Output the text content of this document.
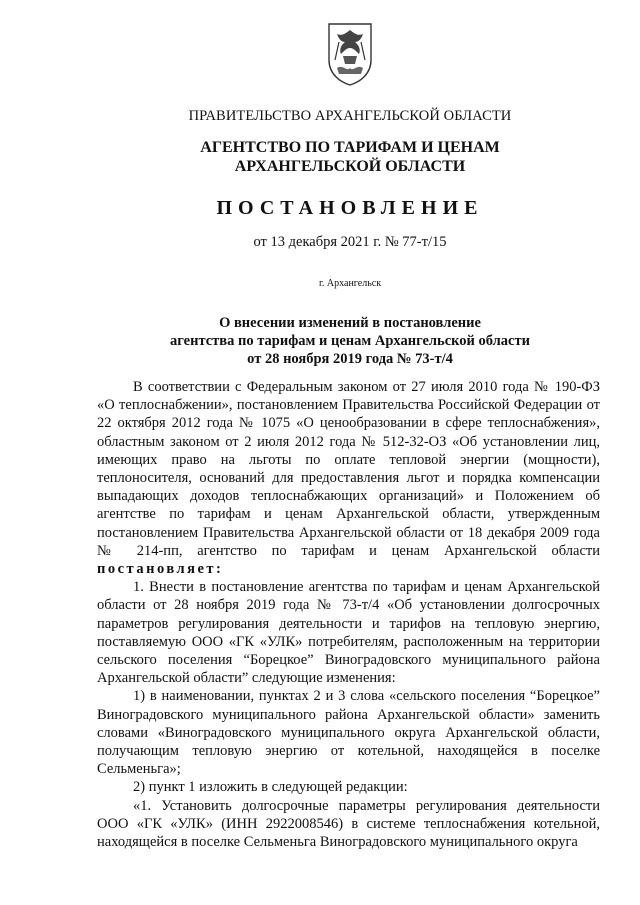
ПРАВИТЕЛЬСТВО АРХАНГЕЛЬСКОЙ ОБЛАСТИ
АГЕНТСТВО ПО ТАРИФАМ И ЦЕНАМ
АРХАНГЕЛЬСКОЙ ОБЛАСТИ
ПОСТАНОВЛЕНИЕ
от 13 декабря 2021 г. № 77-т/15
г. Архангельск
О внесении изменений в постановление
агентства по тарифам и ценам Архангельской области
от 28 ноября 2019 года № 73-т/4

В соответствии с Федеральным законом от 27 июля 2010 года № 190-ФЗ «О теплоснабжении», постановлением Правительства Российской Федерации от 22 октября 2012 года № 1075 «О ценообразовании в сфере теплоснабжения», областным законом от 2 июля 2012 года № 512-32-ОЗ «Об установлении лиц, имеющих право на льготы по оплате тепловой энергии (мощности), теплоносителя, оснований для предоставления льгот и порядка компенсации выпадающих доходов теплоснабжающих организаций» и Положением об агентстве по тарифам и ценам Архангельской области, утвержденным постановлением Правительства Архангельской области от 18 декабря 2009 года № 214-пп, агентство по тарифам и ценам Архангельской области постановляет:

1. Внести в постановление агентства по тарифам и ценам Архангельской области от 28 ноября 2019 года № 73-т/4 «Об установлении долгосрочных параметров регулирования деятельности и тарифов на тепловую энергию, поставляемую ООО «ГК «УЛК» потребителям, расположенным на территории сельского поселения “Борецкое” Виноградовского муниципального района Архангельской области” следующие изменения:

1) в наименовании, пунктах 2 и 3 слова «сельского поселения “Борецкое” Виноградовского муниципального района Архангельской области» заменить словами «Виноградовского муниципального округа Архангельской области, получающим тепловую энергию от котельной, находящейся в поселке Сельменьга»;

2) пункт 1 изложить в следующей редакции:

«1. Установить долгосрочные параметры регулирования деятельности ООО «ГК «УЛК» (ИНН 2922008546) в системе теплоснабжения котельной, находящейся в поселке Сельменьга Виноградовского муниципального округа
